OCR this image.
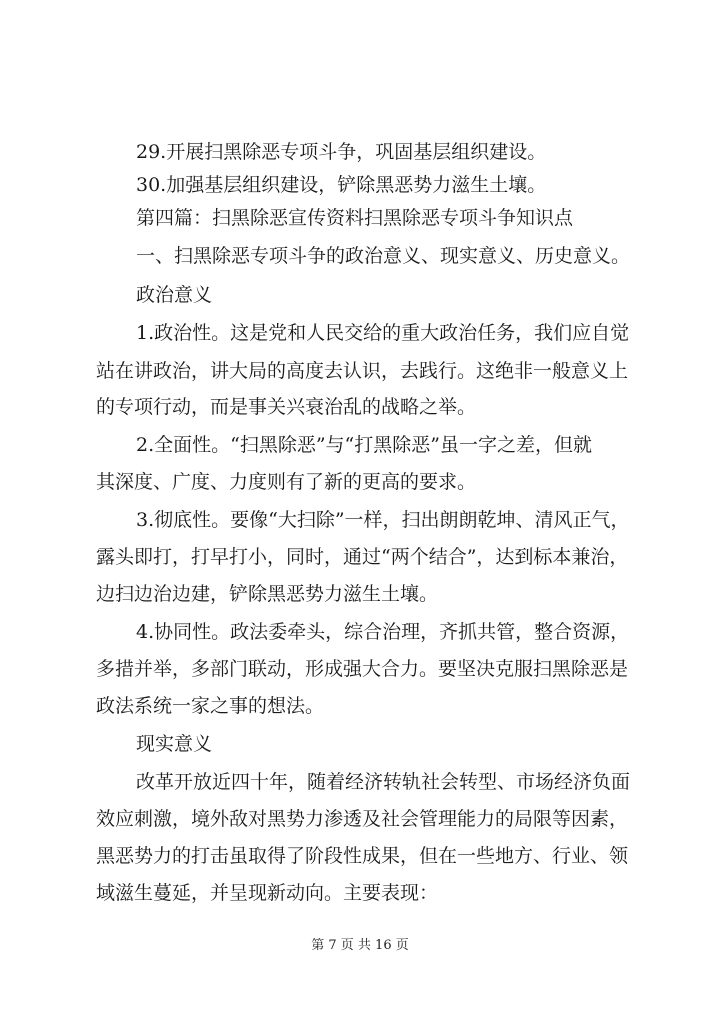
29.开展扫黑除恶专项斗争，巩固基层组织建设。
30.加强基层组织建设，铲除黑恶势力滋生土壤。
第四篇：扫黑除恶宣传资料扫黑除恶专项斗争知识点
一、扫黑除恶专项斗争的政治意义、现实意义、历史意义。
政治意义
1.政治性。这是党和人民交给的重大政治任务，我们应自觉
站在讲政治，讲大局的高度去认识，去践行。这绝非一般意义上
的专项行动，而是事关兴衰治乱的战略之举。
2.全面性。“扫黑除恶”与“打黑除恶”虽一字之差，但就
其深度、广度、力度则有了新的更高的要求。
3.彻底性。要像“大扫除”一样，扫出朗朗乾坤、清风正气，
露头即打，打早打小，同时，通过“两个结合”，达到标本兼治，
边扫边治边建，铲除黑恶势力滋生土壤。
4.协同性。政法委牵头，综合治理，齐抓共管，整合资源，
多措并举，多部门联动，形成强大合力。要坚决克服扫黑除恶是
政法系统一家之事的想法。
现实意义
改革开放近四十年，随着经济转轨社会转型、市场经济负面
效应刺激，境外敌对黑势力渗透及社会管理能力的局限等因素，
黑恶势力的打击虽取得了阶段性成果，但在一些地方、行业、领
域滋生蔓延，并呈现新动向。主要表现：
第 7 页 共 16 页
